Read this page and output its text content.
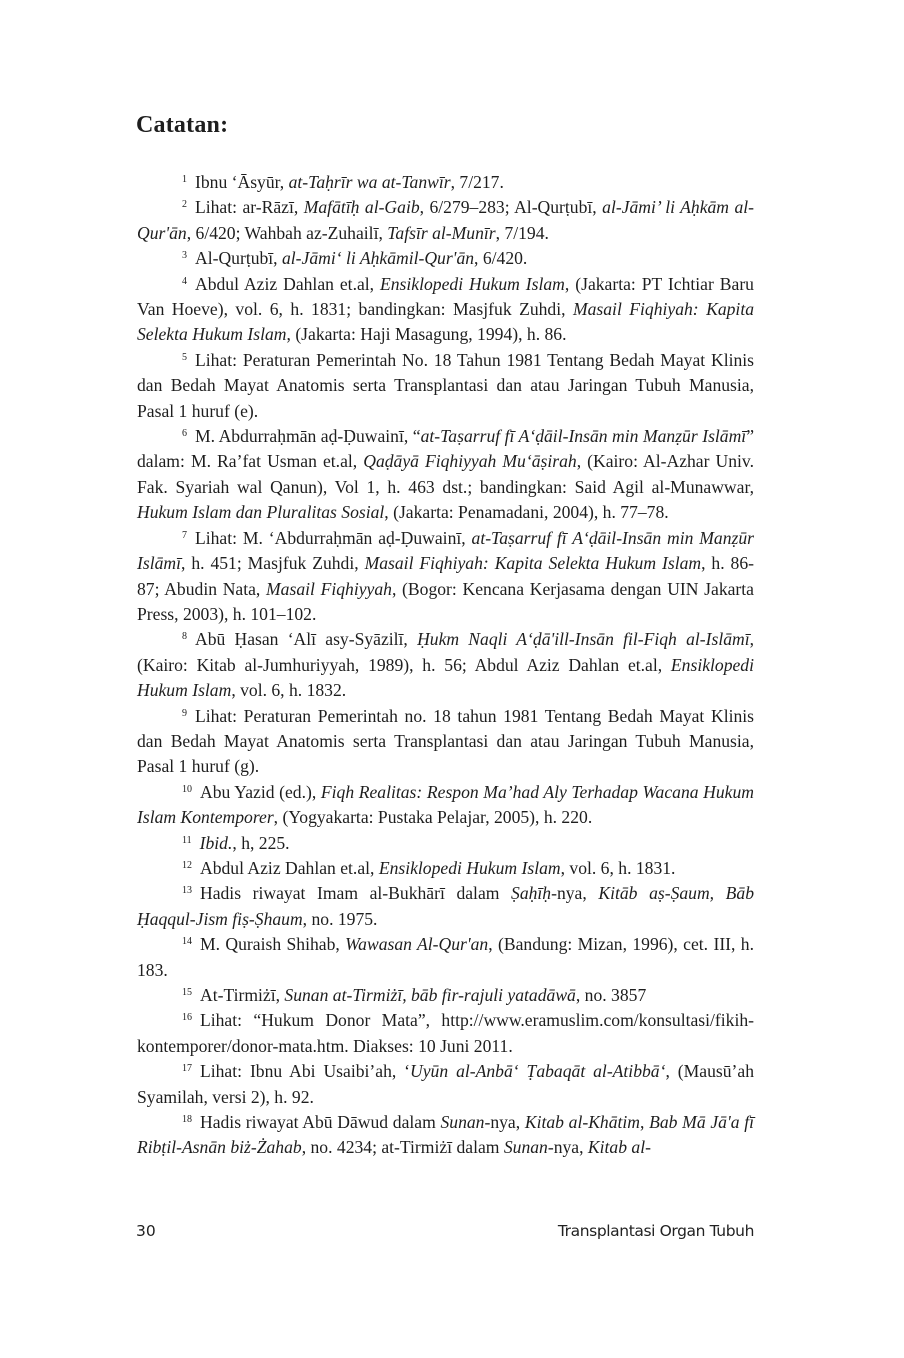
Catatan:

$^1$ Ibnu ‘Āsyūr, at-Taḥrīr wa at-Tanwīr, 7/217.

$^2$ Lihat: ar-Rāzī, Mafātīḥ al-Gaib, 6/279–283; Al-Qurṭubī, al-Jāmi’ li Aḥkām al-Qur'ān, 6/420; Wahbah az-Zuhailī, Tafsīr al-Munīr, 7/194.

$^3$ Al-Qurṭubī, al-Jāmi‘ li Aḥkāmil-Qur'ān, 6/420.

$^4$ Abdul Aziz Dahlan et.al, Ensiklopedi Hukum Islam, (Jakarta: PT Ichtiar Baru Van Hoeve), vol. 6, h. 1831; bandingkan: Masjfuk Zuhdi, Masail Fiqhiyah: Kapita Selekta Hukum Islam, (Jakarta: Haji Masagung, 1994), h. 86.

$^5$ Lihat: Peraturan Pemerintah No. 18 Tahun 1981 Tentang Bedah Mayat Klinis dan Bedah Mayat Anatomis serta Transplantasi dan atau Jaringan Tubuh Manusia, Pasal 1 huruf (e).

$^6$ M. Abdurraḥmān aḍ-Ḍuwainī, “at-Taṣarruf fī A‘ḍāil-Insān min Manẓūr Islāmī” dalam: M. Ra’fat Usman et.al, Qaḍāyā Fiqhiyyah Mu‘āṣirah, (Kairo: Al-Azhar Univ. Fak. Syariah wal Qanun), Vol 1, h. 463 dst.; bandingkan: Said Agil al-Munawwar, Hukum Islam dan Pluralitas Sosial, (Jakarta: Penamadani, 2004), h. 77–78.

$^7$ Lihat: M. ‘Abdurraḥmān aḍ-Ḍuwainī, at-Taṣarruf fī A‘ḍāil-Insān min Manẓūr Islāmī, h. 451; Masjfuk Zuhdi, Masail Fiqhiyah: Kapita Selekta Hukum Islam, h. 86-87; Abudin Nata, Masail Fiqhiyyah, (Bogor: Kencana Kerjasama dengan UIN Jakarta Press, 2003), h. 101–102.

$^8$ Abū Ḥasan ‘Alī asy-Syāzilī, Ḥukm Naqli A‘ḍā'ill-Insān fil-Fiqh al-Islāmī, (Kairo: Kitab al-Jumhuriyyah, 1989), h. 56; Abdul Aziz Dahlan et.al, Ensiklopedi Hukum Islam, vol. 6, h. 1832.

$^9$ Lihat: Peraturan Pemerintah no. 18 tahun 1981 Tentang Bedah Mayat Klinis dan Bedah Mayat Anatomis serta Transplantasi dan atau Jaringan Tubuh Manusia, Pasal 1 huruf (g).

$^{10}$ Abu Yazid (ed.), Fiqh Realitas: Respon Ma’had Aly Terhadap Wacana Hukum Islam Kontemporer, (Yogyakarta: Pustaka Pelajar, 2005), h. 220.

$^{11}$ Ibid., h, 225.

$^{12}$ Abdul Aziz Dahlan et.al, Ensiklopedi Hukum Islam, vol. 6, h. 1831.

$^{13}$ Hadis riwayat Imam al-Bukhārī dalam Ṣaḥīḥ-nya, Kitāb aṣ-Ṣaum, Bāb Ḥaqqul-Jism fiṣ-Ṣhaum, no. 1975.

$^{14}$ M. Quraish Shihab, Wawasan Al-Qur'an, (Bandung: Mizan, 1996), cet. III, h. 183.

$^{15}$ At-Tirmiżī, Sunan at-Tirmiżī, bāb fir-rajuli yatadāwā, no. 3857

$^{16}$ Lihat: “Hukum Donor Mata”, http://www.eramuslim.com/konsultasi/fikih-kontemporer/donor-mata.htm. Diakses: 10 Juni 2011.

$^{17}$ Lihat: Ibnu Abi Usaibi’ah, ‘Uyūn al-Anbā‘ Ṭabaqāt al-Atibbā‘, (Mausū’ah Syamilah, versi 2), h. 92.

$^{18}$ Hadis riwayat Abū Dāwud dalam Sunan-nya, Kitab al-Khātim, Bab Mā Jā'a fī Ribṭil-Asnān biż-Żahab, no. 4234; at-Tirmiżī dalam Sunan-nya, Kitab al-

30	Transplantasi Organ Tubuh
